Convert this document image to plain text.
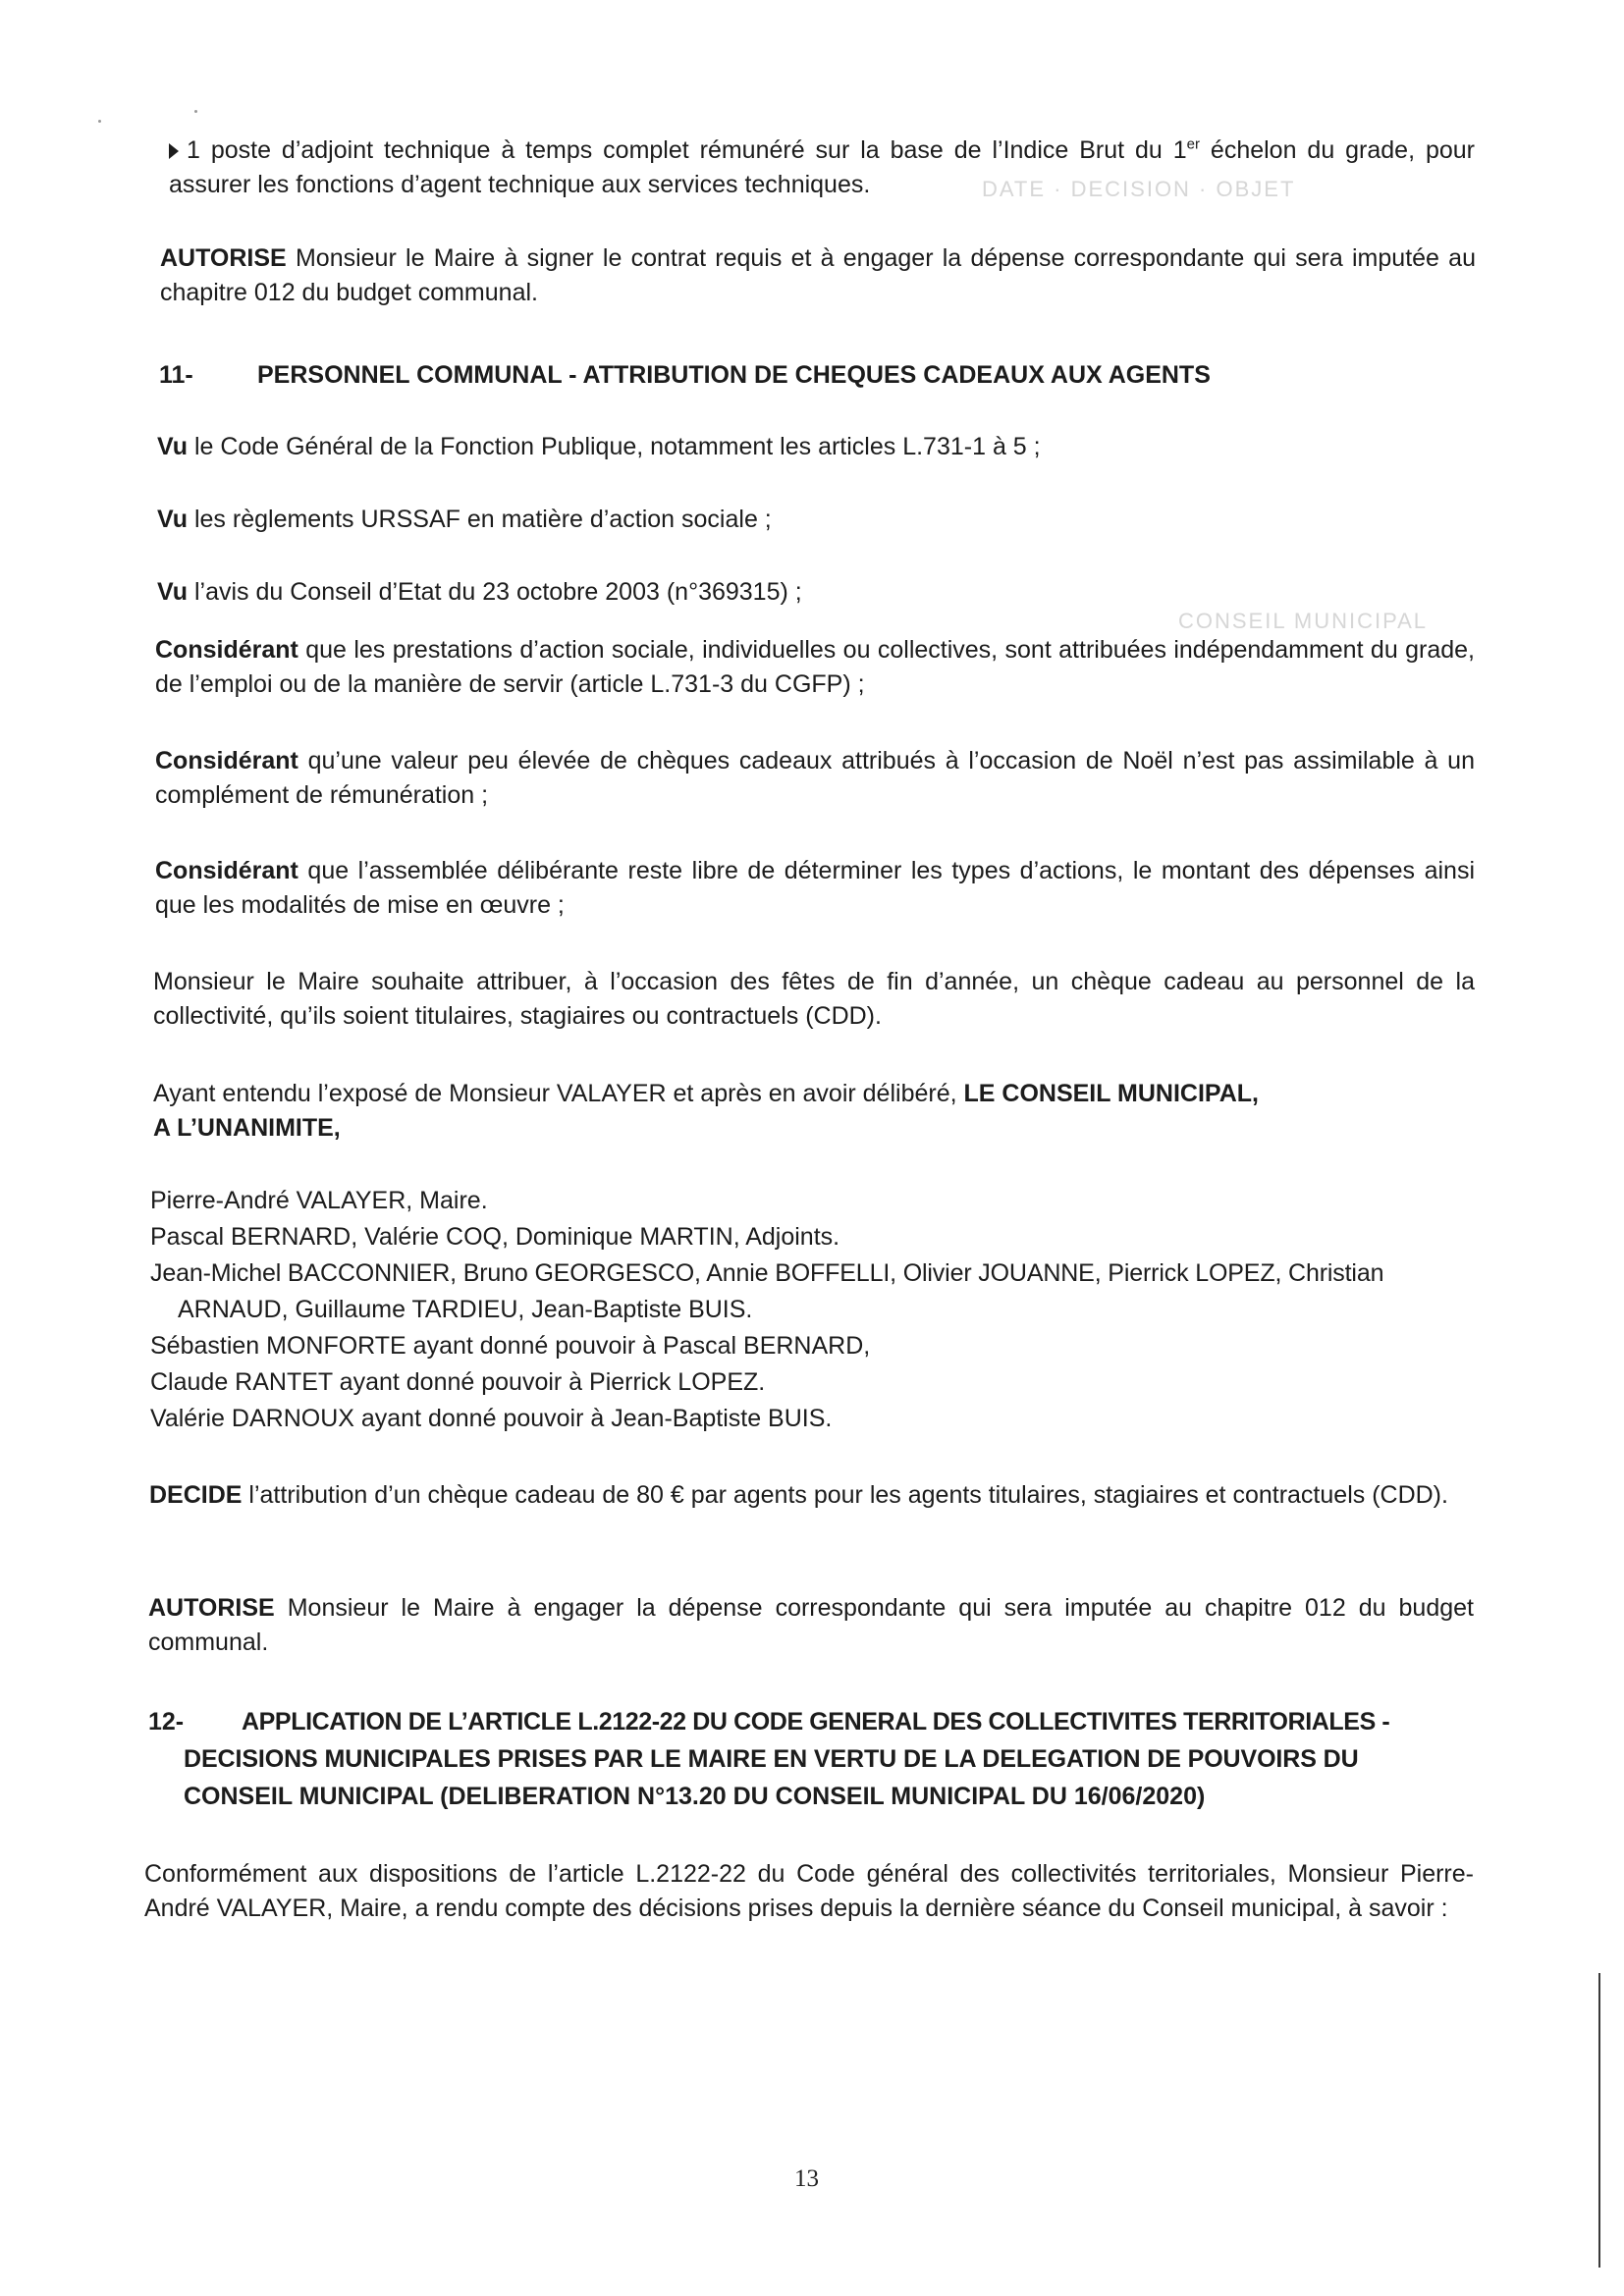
DATE · DECISION · OBJET
CONSEIL MUNICIPAL

1 poste d’adjoint technique à temps complet rémunéré sur la base de l’Indice Brut du 1er échelon du grade, pour assurer les fonctions d’agent technique aux services techniques.

AUTORISE Monsieur le Maire à signer le contrat requis et à engager la dépense correspondante qui sera imputée au chapitre 012 du budget communal.

11-	PERSONNEL COMMUNAL - ATTRIBUTION DE CHEQUES CADEAUX AUX AGENTS

Vu le Code Général de la Fonction Publique, notamment les articles L.731-1 à 5 ;

Vu les règlements URSSAF en matière d’action sociale ;

Vu l’avis du Conseil d’Etat du 23 octobre 2003 (n°369315) ;

Considérant que les prestations d’action sociale, individuelles ou collectives, sont attribuées indépendamment du grade, de l’emploi ou de la manière de servir (article L.731-3 du CGFP) ;

Considérant qu’une valeur peu élevée de chèques cadeaux attribués à l’occasion de Noël n’est pas assimilable à un complément de rémunération ;

Considérant que l’assemblée délibérante reste libre de déterminer les types d’actions, le montant des dépenses ainsi que les modalités de mise en œuvre ;

Monsieur le Maire souhaite attribuer, à l’occasion des fêtes de fin d’année, un chèque cadeau au personnel de la collectivité, qu’ils soient titulaires, stagiaires ou contractuels (CDD).

Ayant entendu l’exposé de Monsieur VALAYER et après en avoir délibéré, LE CONSEIL MUNICIPAL,
A L’UNANIMITE,

Pierre-André VALAYER, Maire.
Pascal BERNARD, Valérie COQ, Dominique MARTIN, Adjoints.
Jean-Michel BACCONNIER, Bruno GEORGESCO, Annie BOFFELLI, Olivier JOUANNE, Pierrick LOPEZ, Christian
ARNAUD, Guillaume TARDIEU, Jean-Baptiste BUIS.
Sébastien MONFORTE ayant donné pouvoir à Pascal BERNARD,
Claude RANTET ayant donné pouvoir à Pierrick LOPEZ.
Valérie DARNOUX ayant donné pouvoir à Jean-Baptiste BUIS.

DECIDE l’attribution d’un chèque cadeau de 80 € par agents pour les agents titulaires, stagiaires et contractuels (CDD).

AUTORISE Monsieur le Maire à engager la dépense correspondante qui sera imputée au chapitre 012 du budget communal.

12- APPLICATION DE L’ARTICLE L.2122-22 DU CODE GENERAL DES COLLECTIVITES TERRITORIALES -
DECISIONS MUNICIPALES PRISES PAR LE MAIRE EN VERTU DE LA DELEGATION DE POUVOIRS DU
CONSEIL MUNICIPAL (DELIBERATION N°13.20 DU CONSEIL MUNICIPAL DU 16/06/2020)

Conformément aux dispositions de l’article L.2122-22 du Code général des collectivités territoriales, Monsieur Pierre-André VALAYER, Maire, a rendu compte des décisions prises depuis la dernière séance du Conseil municipal, à savoir :

13
